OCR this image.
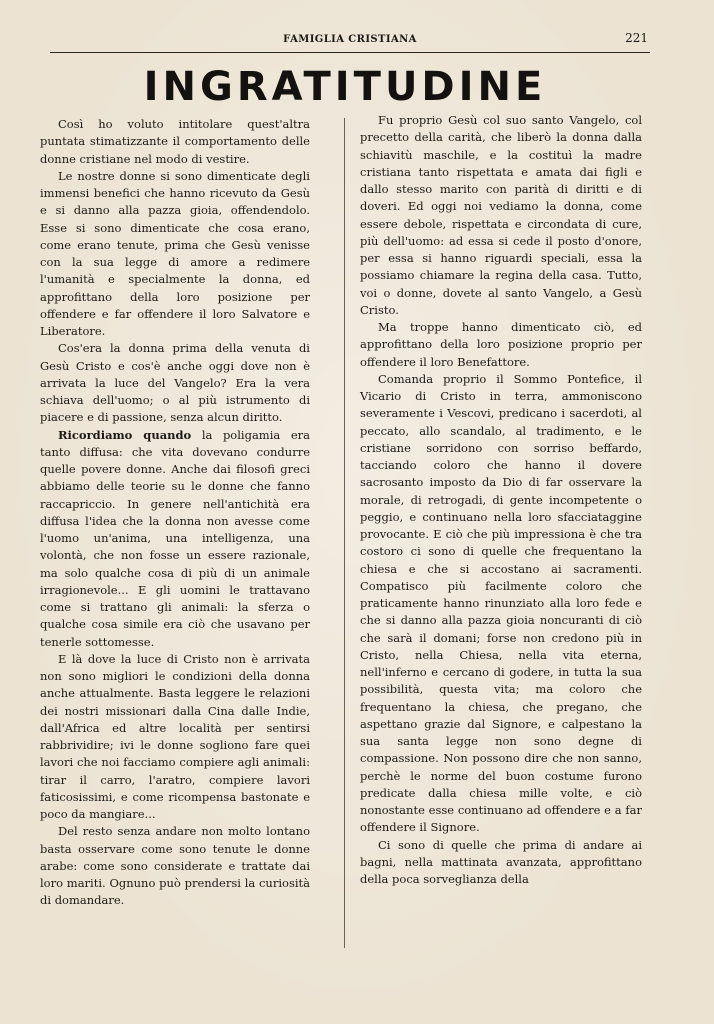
FAMIGLIA CRISTIANA	221
INGRATITUDINE

Così ho voluto intitolare quest'altra puntata stimatizzante il comportamento delle donne cristiane nel modo di vestire.

Le nostre donne si sono dimenticate degli immensi benefici che hanno ricevuto da Gesù e si danno alla pazza gioia, offendendolo. Esse si sono dimenticate che cosa erano, come erano tenute, prima che Gesù venisse con la sua legge di amore a redimere l'umanità e specialmente la donna, ed approfittano della loro posizione per offendere e far offendere il loro Salvatore e Liberatore.

Cos'era la donna prima della venuta di Gesù Cristo e cos'è anche oggi dove non è arrivata la luce del Vangelo? Era la vera schiava dell'uomo; o al più istrumento di piacere e di passione, senza alcun diritto.

Ricordiamo quando la poligamia era tanto diffusa: che vita dovevano condurre quelle povere donne. Anche dai filosofi greci abbiamo delle teorie su le donne che fanno raccapriccio. In genere nell'antichità era diffusa l'idea che la donna non avesse come l'uomo un'anima, una intelligenza, una volontà, che non fosse un essere razionale, ma solo qualche cosa di più di un animale irragionevole... E gli uomini le trattavano come si trattano gli animali: la sferza o qualche cosa simile era ciò che usavano per tenerle sottomesse.

E là dove la luce di Cristo non è arrivata non sono migliori le condizioni della donna anche attualmente. Basta leggere le relazioni dei nostri missionari dalla Cina dalle Indie, dall'Africa ed altre località per sentirsi rabbrividire; ivi le donne sogliono fare quei lavori che noi facciamo compiere agli animali: tirar il carro, l'aratro, compiere lavori faticosissimi, e come ricompensa bastonate e poco da mangiare...

Del resto senza andare non molto lontano basta osservare come sono tenute le donne arabe: come sono considerate e trattate dai loro mariti. Ognuno può prendersi la curiosità di domandare.

Fu proprio Gesù col suo santo Vangelo, col precetto della carità, che liberò la donna dalla schiavitù maschile, e la costituì la madre cristiana tanto rispettata e amata dai figli e dallo stesso marito con parità di diritti e di doveri. Ed oggi noi vediamo la donna, come essere debole, rispettata e circondata di cure, più dell'uomo: ad essa si cede il posto d'onore, per essa si hanno riguardi speciali, essa la possiamo chiamare la regina della casa. Tutto, voi o donne, dovete al santo Vangelo, a Gesù Cristo.

Ma troppe hanno dimenticato ciò, ed approfittano della loro posizione proprio per offendere il loro Benefattore.

Comanda proprio il Sommo Pontefice, il Vicario di Cristo in terra, ammoniscono severamente i Vescovi, predicano i sacerdoti, al peccato, allo scandalo, al tradimento, e le cristiane sorridono con sorriso beffardo, tacciando coloro che hanno il dovere sacrosanto imposto da Dio di far osservare la morale, di retrogadi, di gente incompetente o peggio, e continuano nella loro sfacciataggine provocante. E ciò che più impressiona è che tra costoro ci sono di quelle che frequentano la chiesa e che si accostano ai sacramenti. Compatisco più facilmente coloro che praticamente hanno rinunziato alla loro fede e che si danno alla pazza gioia noncuranti di ciò che sarà il domani; forse non credono più in Cristo, nella Chiesa, nella vita eterna, nell'inferno e cercano di godere, in tutta la sua possibilità, questa vita; ma coloro che frequentano la chiesa, che pregano, che aspettano grazie dal Signore, e calpestano la sua santa legge non sono degne di compassione. Non possono dire che non sanno, perchè le norme del buon costume furono predicate dalla chiesa mille volte, e ciò nonostante esse continuano ad offendere e a far offendere il Signore.

Ci sono di quelle che prima di andare ai bagni, nella mattinata avanzata, approfittano della poca sorveglianza della
